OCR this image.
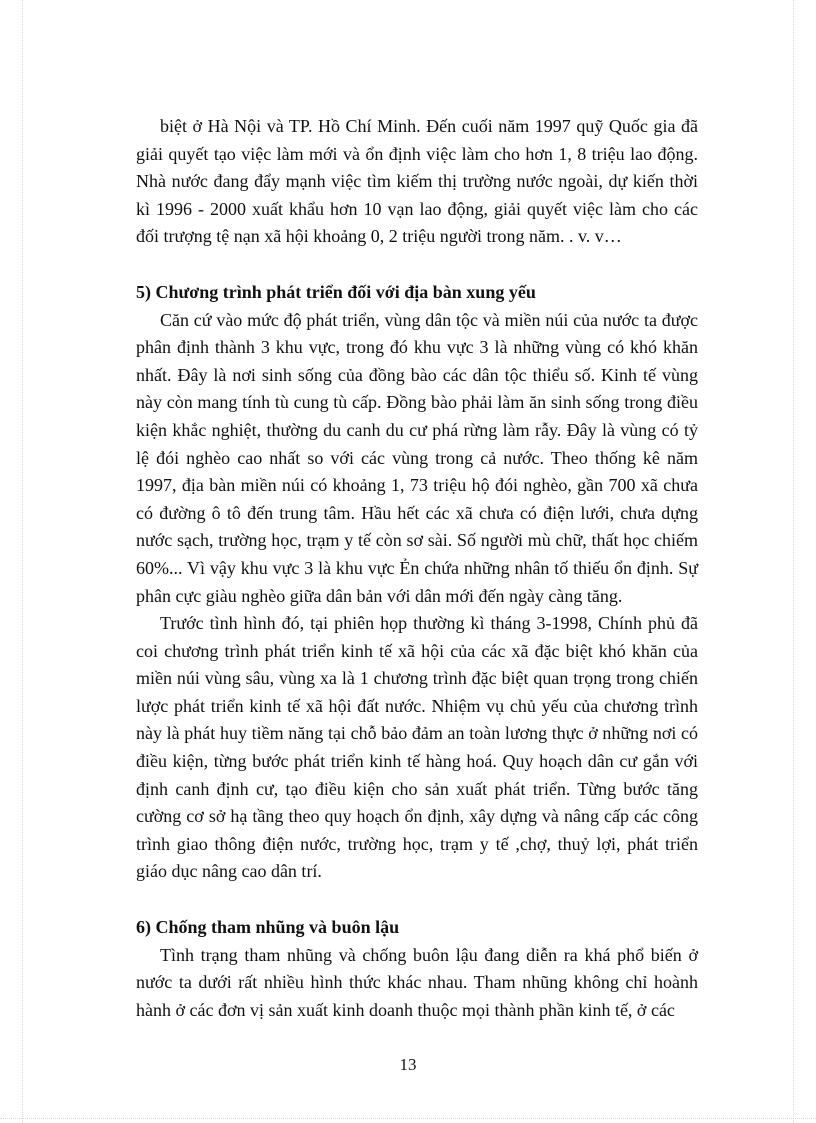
biệt ở Hà Nội và TP. Hồ Chí Minh. Đến cuối năm 1997 quỹ Quốc gia đã giải quyết tạo việc làm mới và ổn định việc làm cho hơn 1, 8 triệu lao động. Nhà nước đang đẩy mạnh việc tìm kiếm thị trường nước ngoài, dự kiến thời kì 1996 - 2000 xuất khẩu hơn 10 vạn lao động, giải quyết việc làm cho các đối trượng tệ nạn xã hội khoảng 0, 2 triệu người trong năm. . v. v…

5) Chương trình phát triển đối với địa bàn xung yếu

Căn cứ vào mức độ phát triển, vùng dân tộc và miền núi của nước ta được phân định thành 3 khu vực, trong đó khu vực 3 là những vùng có khó khăn nhất. Đây là nơi sinh sống của đồng bào các dân tộc thiểu số. Kinh tế vùng này còn mang tính tù cung tù cấp. Đồng bào phải làm ăn sinh sống trong điều kiện khắc nghiệt, thường du canh du cư phá rừng làm rẫy. Đây là vùng có tỷ lệ đói nghèo cao nhất so với các vùng trong cả nước. Theo thống kê năm 1997, địa bàn miền núi có khoảng 1, 73 triệu hộ đói nghèo, gần 700 xã chưa có đường ô tô đến trung tâm. Hầu hết các xã chưa có điện lưới, chưa dựng nước sạch, trường học, trạm y tế còn sơ sài. Số người mù chữ, thất học chiếm 60%... Vì vậy khu vực 3 là khu vực Ẻn chứa những nhân tố thiếu ổn định. Sự phân cực giàu nghèo giữa dân bản với dân mới đến ngày càng tăng.

Trước tình hình đó, tại phiên họp thường kì tháng 3-1998, Chính phủ đã coi chương trình phát triển kinh tế xã hội của các xã đặc biệt khó khăn của miền núi vùng sâu, vùng xa là 1 chương trình đặc biệt quan trọng trong chiến lược phát triển kinh tế xã hội đất nước. Nhiệm vụ chủ yếu của chương trình này là phát huy tiềm năng tại chỗ bảo đảm an toàn lương thực ở những nơi có điều kiện, từng bước phát triển kinh tế hàng hoá. Quy hoạch dân cư gắn với định canh định cư, tạo điều kiện cho sản xuất phát triển. Từng bước tăng cường cơ sở hạ tầng theo quy hoạch ổn định, xây dựng và nâng cấp các công trình giao thông điện nước, trường học, trạm y tế ,chợ, thuỷ lợi, phát triển giáo dục nâng cao dân trí.

6) Chống tham nhũng và buôn lậu

Tình trạng tham nhũng và chống buôn lậu đang diễn ra khá phổ biến ở nước ta dưới rất nhiều hình thức khác nhau. Tham nhũng không chỉ hoành hành ở các đơn vị sản xuất kinh doanh thuộc mọi thành phần kinh tế, ở các

13
